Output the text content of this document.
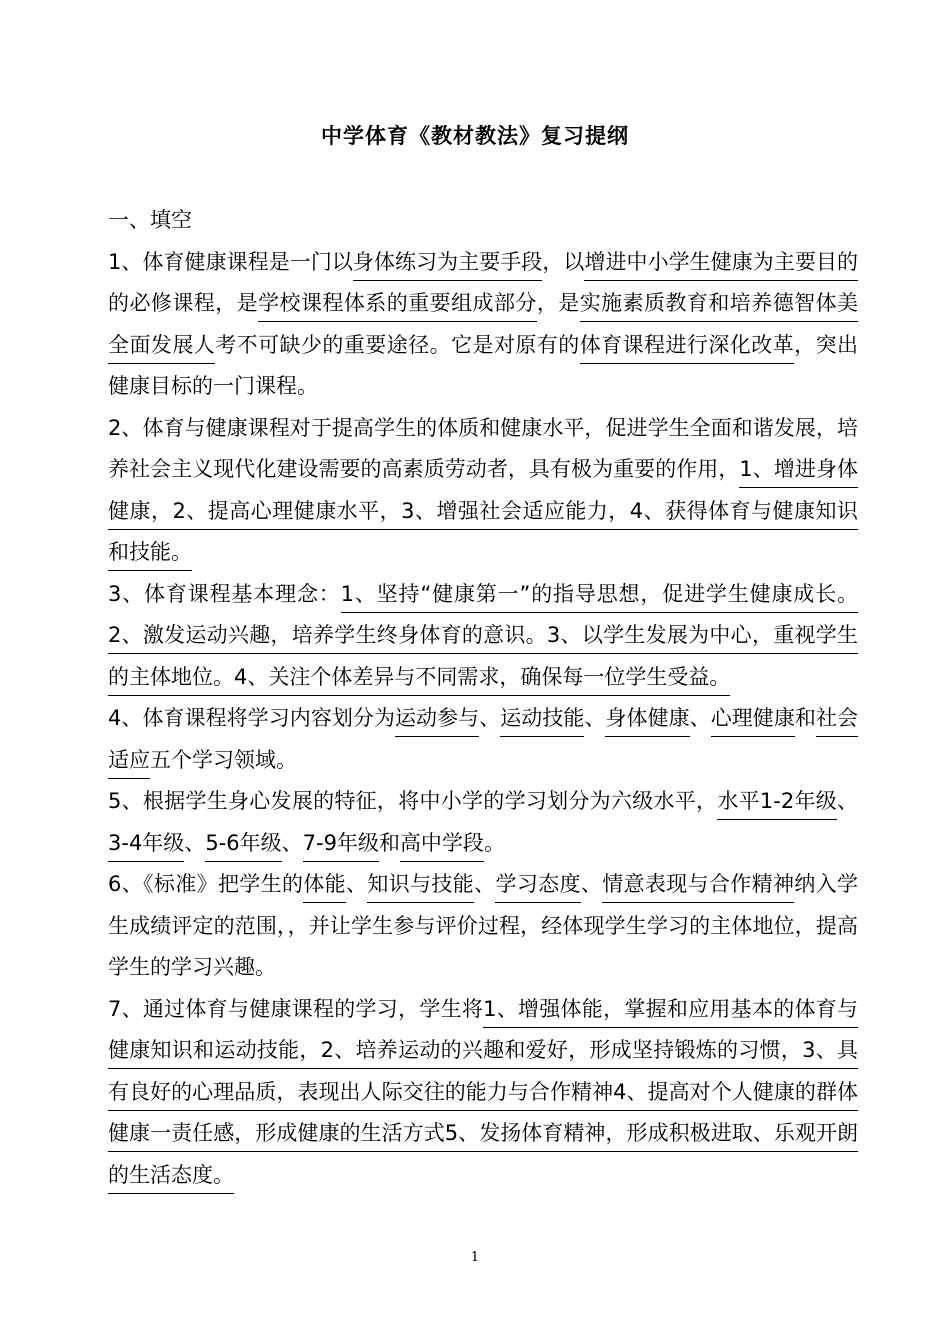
中学体育《教材教法》复习提纲

一、填空

1、体育健康课程是一门以身体练习为主要手段，以增进中小学生健康为主要目的的必修课程，是学校课程体系的重要组成部分，是实施素质教育和培养德智体美全面发展人考不可缺少的重要途径。它是对原有的体育课程进行深化改革，突出健康目标的一门课程。

2、体育与健康课程对于提高学生的体质和健康水平，促进学生全面和谐发展，培养社会主义现代化建设需要的高素质劳动者，具有极为重要的作用，1、增进身体健康，2、提高心理健康水平，3、增强社会适应能力，4、获得体育与健康知识和技能。

3、体育课程基本理念：1、坚持“健康第一”的指导思想，促进学生健康成长。2、激发运动兴趣，培养学生终身体育的意识。3、以学生发展为中心，重视学生的主体地位。4、关注个体差异与不同需求，确保每一位学生受益。

4、体育课程将学习内容划分为运动参与、运动技能、身体健康、心理健康和社会适应五个学习领域。

5、根据学生身心发展的特征，将中小学的学习划分为六级水平，水平1-2年级、3-4年级、5-6年级、7-9年级和高中学段。

6、《标准》把学生的体能、知识与技能、学习态度、情意表现与合作精神纳入学生成绩评定的范围，，并让学生参与评价过程，经体现学生学习的主体地位，提高学生的学习兴趣。

7、通过体育与健康课程的学习，学生将1、增强体能，掌握和应用基本的体育与健康知识和运动技能，2、培养运动的兴趣和爱好，形成坚持锻炼的习惯，3、具有良好的心理品质，表现出人际交往的能力与合作精神4、提高对个人健康的群体健康一责任感，形成健康的生活方式5、发扬体育精神，形成积极进取、乐观开朗的生活态度。

1
